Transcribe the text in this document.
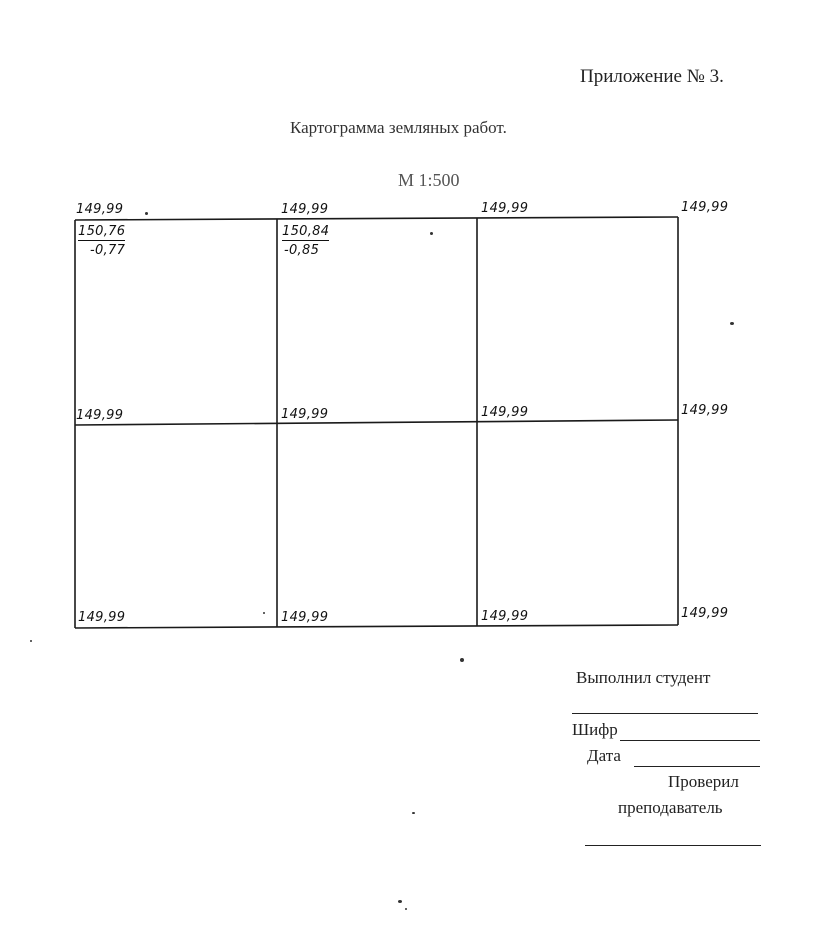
Приложение № 3.
Картограмма земляных работ.
М 1:500
149,99	149,99	149,99	149,99
150,76
-0,77
150,84
-0,85
149,99	149,99	149,99	149,99
149,99	149,99	149,99	149,99
Выполнил студент
Шифр
Дата
Проверил
преподаватель
